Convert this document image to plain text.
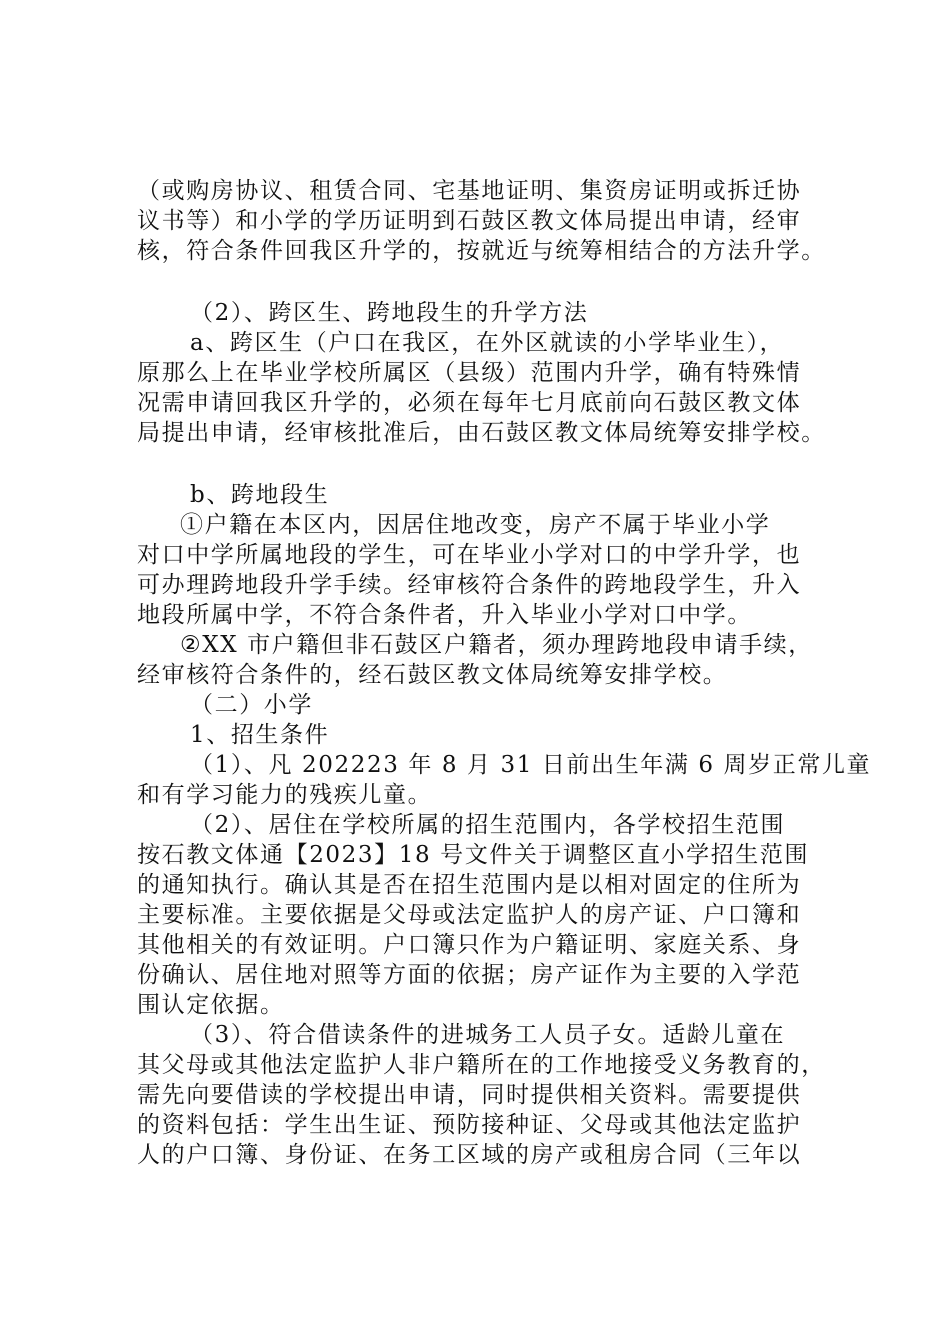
（或购房协议、租赁合同、宅基地证明、集资房证明或拆迁协
议书等）和小学的学历证明到石鼓区教文体局提出申请，经审
核，符合条件回我区升学的，按就近与统筹相结合的方法升学。
（2）、跨区生、跨地段生的升学方法
a、跨区生（户口在我区，在外区就读的小学毕业生），
原那么上在毕业学校所属区（县级）范围内升学，确有特殊情
况需申请回我区升学的，必须在每年七月底前向石鼓区教文体
局提出申请，经审核批准后，由石鼓区教文体局统筹安排学校。
b、跨地段生
①户籍在本区内，因居住地改变，房产不属于毕业小学
对口中学所属地段的学生，可在毕业小学对口的中学升学，也
可办理跨地段升学手续。经审核符合条件的跨地段学生，升入
地段所属中学，不符合条件者，升入毕业小学对口中学。
②XX 市户籍但非石鼓区户籍者，须办理跨地段申请手续，
经审核符合条件的，经石鼓区教文体局统筹安排学校。
（二）小学
1、招生条件
（1）、凡 202223 年 8 月 31 日前出生年满 6 周岁正常儿童
和有学习能力的残疾儿童。
（2）、居住在学校所属的招生范围内，各学校招生范围
按石教文体通【2023】18 号文件关于调整区直小学招生范围
的通知执行。确认其是否在招生范围内是以相对固定的住所为
主要标准。主要依据是父母或法定监护人的房产证、户口簿和
其他相关的有效证明。户口簿只作为户籍证明、家庭关系、身
份确认、居住地对照等方面的依据；房产证作为主要的入学范
围认定依据。
（3）、符合借读条件的进城务工人员子女。适龄儿童在
其父母或其他法定监护人非户籍所在的工作地接受义务教育的，
需先向要借读的学校提出申请，同时提供相关资料。需要提供
的资料包括：学生出生证、预防接种证、父母或其他法定监护
人的户口簿、身份证、在务工区域的房产或租房合同（三年以
